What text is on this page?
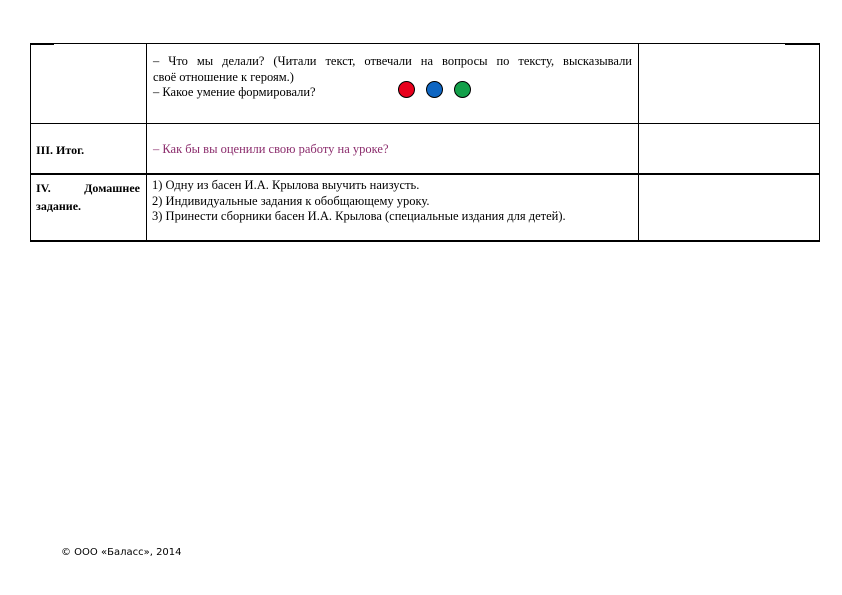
– Что мы делали? (Читали текст, отвечали на вопросы по тексту, высказывали
своё отношение к героям.)
– Какое умение формировали?
III. Итог.	– Как бы вы оценили свою работу на уроке?
IV.	Домашнее
задание.
1) Одну из басен И.А. Крылова выучить наизусть.
2) Индивидуальные задания к обобщающему уроку.
3) Принести сборники басен И.А. Крылова (специальные издания для детей).
© ООО «Баласс», 2014
